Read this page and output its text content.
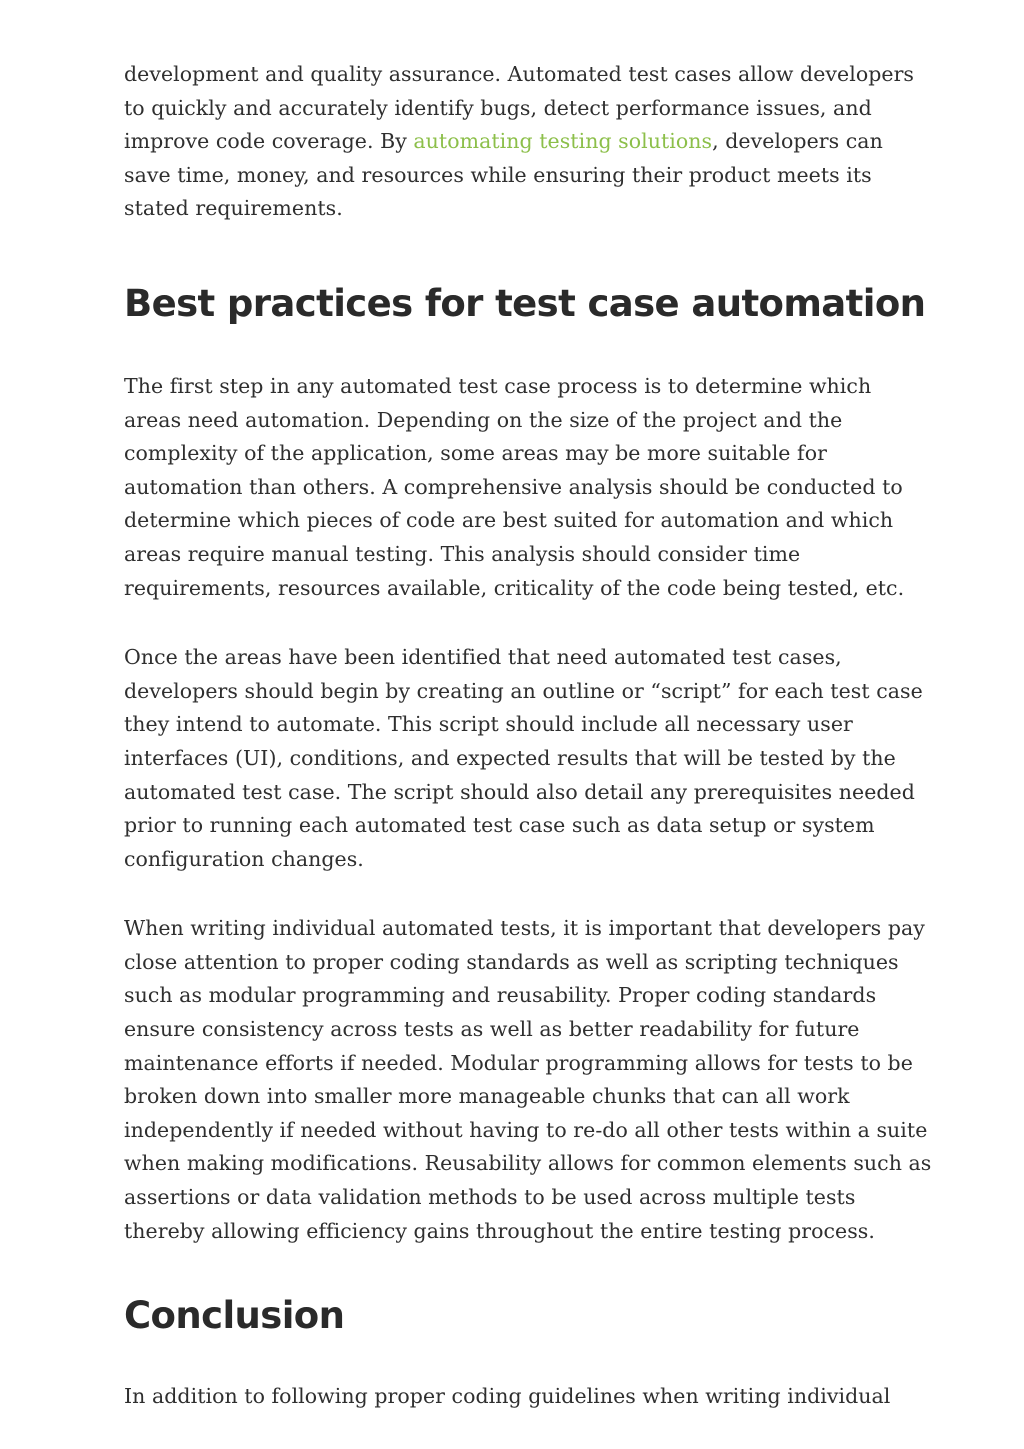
development and quality assurance. Automated test cases allow developers to quickly and accurately identify bugs, detect performance issues, and improve code coverage. By automating testing solutions, developers can save time, money, and resources while ensuring their product meets its stated requirements.

Best practices for test case automation

The first step in any automated test case process is to determine which areas need automation. Depending on the size of the project and the complexity of the application, some areas may be more suitable for automation than others. A comprehensive analysis should be conducted to determine which pieces of code are best suited for automation and which areas require manual testing. This analysis should consider time requirements, resources available, criticality of the code being tested, etc.

Once the areas have been identified that need automated test cases, developers should begin by creating an outline or “script” for each test case they intend to automate. This script should include all necessary user interfaces (UI), conditions, and expected results that will be tested by the automated test case. The script should also detail any prerequisites needed prior to running each automated test case such as data setup or system configuration changes.

When writing individual automated tests, it is important that developers pay close attention to proper coding standards as well as scripting techniques such as modular programming and reusability. Proper coding standards ensure consistency across tests as well as better readability for future maintenance efforts if needed. Modular programming allows for tests to be broken down into smaller more manageable chunks that can all work independently if needed without having to re-do all other tests within a suite when making modifications. Reusability allows for common elements such as assertions or data validation methods to be used across multiple tests thereby allowing efficiency gains throughout the entire testing process.

Conclusion

In addition to following proper coding guidelines when writing individual
